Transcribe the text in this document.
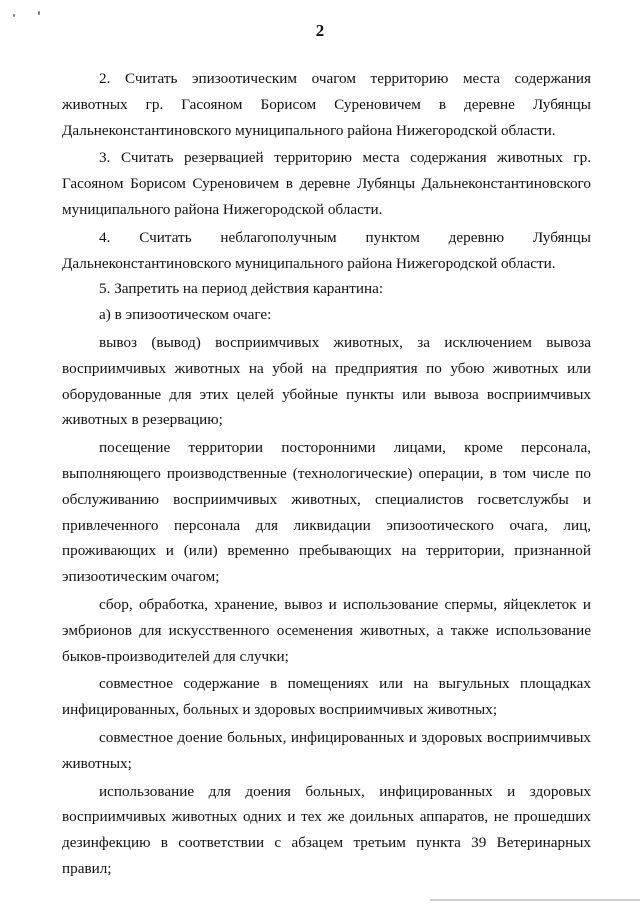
2

2. Считать эпизоотическим очагом территорию места содержания животных гр. Гасояном Борисом Сурeновичем в деревне Лубянцы Дальнеконстантиновского муниципального района Нижегородской области.

3. Считать резервацией территорию места содержания животных гр. Гасоянoм Борисом Суреновичем в деревне Лубянцы Дальнеконстантиновского муниципального района Нижегородской области.

4. Считать неблагополучным пунктом деревню Лубянцы Дальнеконстантиновского муниципального района Нижегородской области.

5. Запретить на период действия карантина:

а) в эпизоотическом очаге:

вывоз (вывод) восприимчивых животных, за исключением вывоза восприимчивых животных на убой на предприятия по убою животных или оборудованные для этих целей убойные пункты или вывоза восприимчивых животных в резервацию;

посещение территории посторонними лицами, кроме персонала, выполняющего производственные (технологические) операции, в том числе по обслуживанию восприимчивых животных, специалистов госветслужбы и привлеченного персонала для ликвидации эпизоотического очага, лиц, проживающих и (или) временно пребывающих на территории, признанной эпизоотическим очагом;

сбор, обработка, хранение, вывоз и использование спермы, яйцеклеток и эмбрионов для искусственного осеменения животных, а также использование быков-производителей для случки;

совместное содержание в помещениях или на выгульных площадках инфицированных, больных и здоровых восприимчивых животных;

совместное доение больных, инфицированных и здоровых восприимчивых животных;

использование для доения больных, инфицированных и здоровых восприимчивых животных одних и тех же доильных аппаратов, не прошедших дезинфекцию в соответствии с абзацем третьим пункта 39 Ветеринарных правил;
